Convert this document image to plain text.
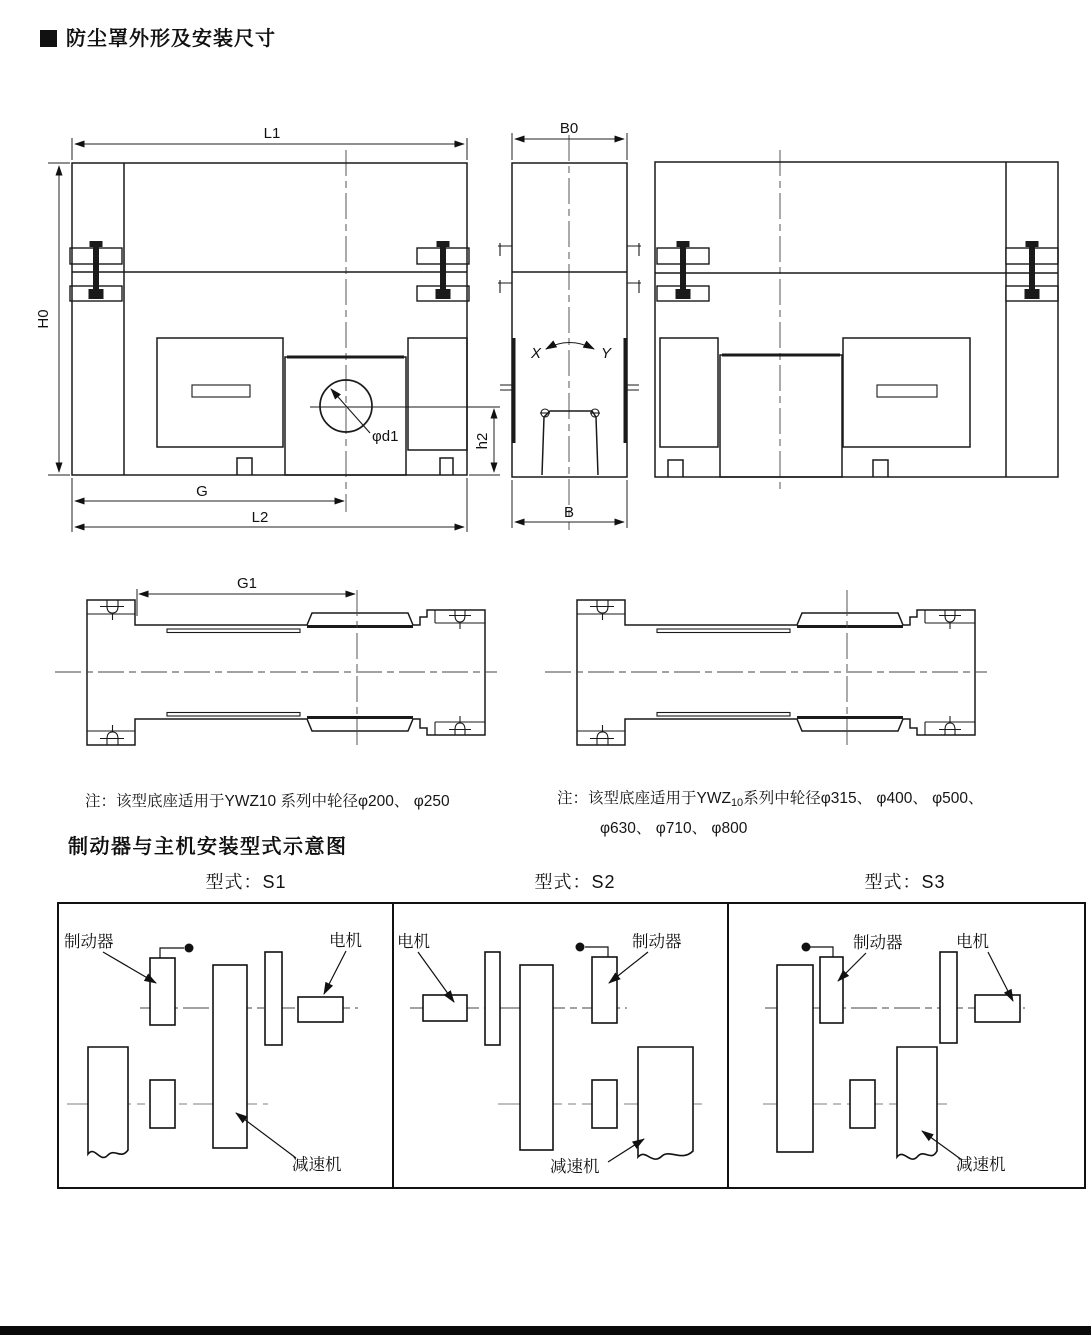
防尘罩外形及安装尺寸
L1
H0
G
L2
h2
φd1
X	Y
B0
B
G1
注：该型底座适用于YWZ10 系列中轮径φ200、 φ250	注：该型底座适用于$YWZ_{10}$系列中轮径φ315、 φ400、 φ500、
φ630、 φ710、 φ800
制动器与主机安装型式示意图
型式：S1	型式：S2	型式：S3
制动器	电机
减速机
电机	制动器
减速机
制动器	电机
减速机
